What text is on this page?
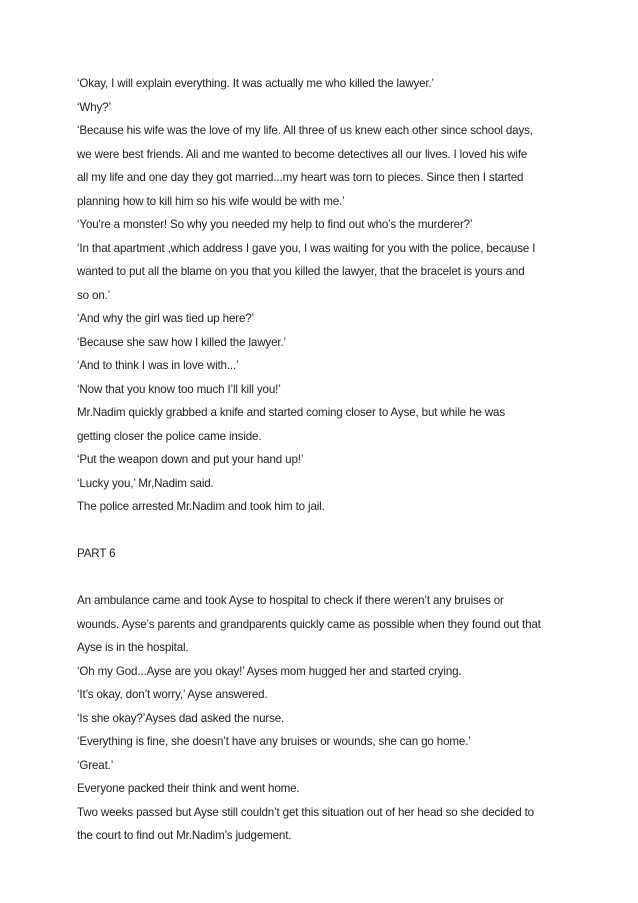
‘Okay, I will explain everything. It was actually me who killed the lawyer.’
‘Why?’
‘Because his wife was the love of my life. All three of us knew each other since school days,
we were best friends. Ali and me wanted to become detectives all our lives. I loved his wife
all my life and one day they got married...my heart was torn to pieces. Since then I started
planning how to kill him so his wife would be with me.’
‘You're a monster! So why you needed my help to find out who’s the murderer?’
‘In that apartment ,which address I gave you, I was waiting for you with the police, because I
wanted to put all the blame on you that you killed the lawyer, that the bracelet is yours and
so on.’
‘And why the girl was tied up here?’
‘Because she saw how I killed the lawyer.’
‘And to think I was in love with...’
‘Now that you know too much I’ll kill you!’
Mr.Nadim quickly grabbed a knife and started coming closer to Ayse, but while he was
getting closer the police came inside.
‘Put the weapon down and put your hand up!’
‘Lucky you,’ Mr,Nadim said.
The police arrested Mr.Nadim and took him to jail.
PART 6
An ambulance came and took Ayse to hospital to check if there weren’t any bruises or
wounds. Ayse’s parents and grandparents quickly came as possible when they found out that
Ayse is in the hospital.
‘Oh my God...Ayse are you okay!’ Ayses mom hugged her and started crying.
‘It’s okay, don’t worry,’ Ayse answered.
‘Is she okay?’Ayses dad asked the nurse.
‘Everything is fine, she doesn’t have any bruises or wounds, she can go home.’
‘Great.’
Everyone packed their think and went home.
Two weeks passed but Ayse still couldn’t get this situation out of her head so she decided to
the court to find out Mr.Nadim’s judgement.
